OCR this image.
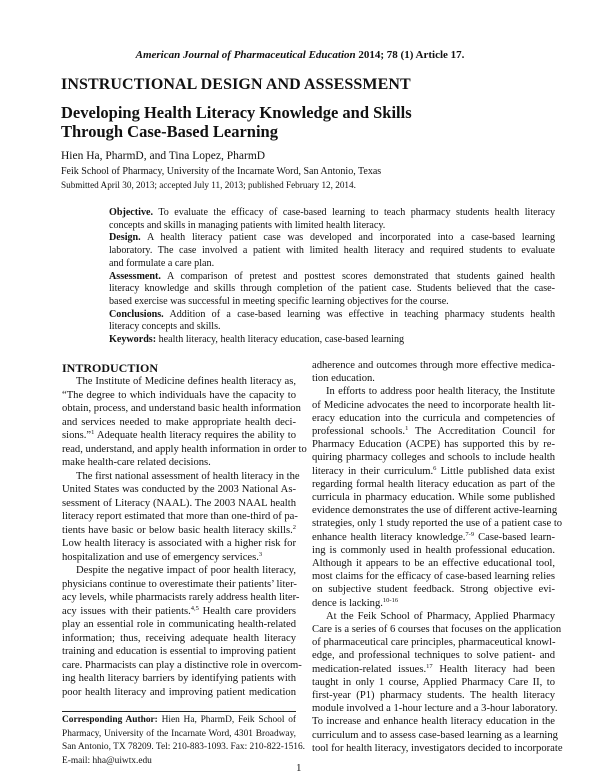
American Journal of Pharmaceutical Education 2014; 78 (1) Article 17.
INSTRUCTIONAL DESIGN AND ASSESSMENT
Developing Health Literacy Knowledge and Skills
Through Case-Based Learning
Hien Ha, PharmD, and Tina Lopez, PharmD
Feik School of Pharmacy, University of the Incarnate Word, San Antonio, Texas
Submitted April 30, 2013; accepted July 11, 2013; published February 12, 2014.
Objective. To evaluate the efficacy of case-based learning to teach pharmacy students health literacy
concepts and skills in managing patients with limited health literacy.
Design. A health literacy patient case was developed and incorporated into a case-based learning
laboratory. The case involved a patient with limited health literacy and required students to evaluate
and formulate a care plan.
Assessment. A comparison of pretest and posttest scores demonstrated that students gained health
literacy knowledge and skills through completion of the patient case. Students believed that the case-
based exercise was successful in meeting specific learning objectives for the course.
Conclusions. Addition of a case-based learning was effective in teaching pharmacy students health
literacy concepts and skills.
Keywords: health literacy, health literacy education, case-based learning
INTRODUCTION
The Institute of Medicine defines health literacy as,
“The degree to which individuals have the capacity to
obtain, process, and understand basic health information
and services needed to make appropriate health deci-
sions.”$^1$ Adequate health literacy requires the ability to
read, understand, and apply health information in order to
make health-care related decisions.
The first national assessment of health literacy in the
United States was conducted by the 2003 National As-
sessment of Literacy (NAAL). The 2003 NAAL health
literacy report estimated that more than one-third of pa-
tients have basic or below basic health literacy skills.$^2$
Low health literacy is associated with a higher risk for
hospitalization and use of emergency services.$^3$
Despite the negative impact of poor health literacy,
physicians continue to overestimate their patients’ liter-
acy levels, while pharmacists rarely address health liter-
acy issues with their patients.$^{4,5}$ Health care providers
play an essential role in communicating health-related
information; thus, receiving adequate health literacy
training and education is essential to improving patient
care. Pharmacists can play a distinctive role in overcom-
ing health literacy barriers by identifying patients with
poor health literacy and improving patient medication
adherence and outcomes through more effective medica-
tion education.
In efforts to address poor health literacy, the Institute
of Medicine advocates the need to incorporate health lit-
eracy education into the curricula and competencies of
professional schools.$^1$ The Accreditation Council for
Pharmacy Education (ACPE) has supported this by re-
quiring pharmacy colleges and schools to include health
literacy in their curriculum.$^6$ Little published data exist
regarding formal health literacy education as part of the
curricula in pharmacy education. While some published
evidence demonstrates the use of different active-learning
strategies, only 1 study reported the use of a patient case to
enhance health literacy knowledge.$^{7-9}$ Case-based learn-
ing is commonly used in health professional education.
Although it appears to be an effective educational tool,
most claims for the efficacy of case-based learning relies
on subjective student feedback. Strong objective evi-
dence is lacking.$^{10-16}$
At the Feik School of Pharmacy, Applied Pharmacy
Care is a series of 6 courses that focuses on the application
of pharmaceutical care principles, pharmaceutical knowl-
edge, and professional techniques to solve patient- and
medication-related issues.$^{17}$ Health literacy had been
taught in only 1 course, Applied Pharmacy Care II, to
first-year (P1) pharmacy students. The health literacy
module involved a 1-hour lecture and a 3-hour laboratory.
To increase and enhance health literacy education in the
curriculum and to assess case-based learning as a learning
tool for health literacy, investigators decided to incorporate
Corresponding Author: Hien Ha, PharmD, Feik School of
Pharmacy, University of the Incarnate Word, 4301 Broadway,
San Antonio, TX 78209. Tel: 210-883-1093. Fax: 210-822-1516.
E-mail: hha@uiwtx.edu
1
